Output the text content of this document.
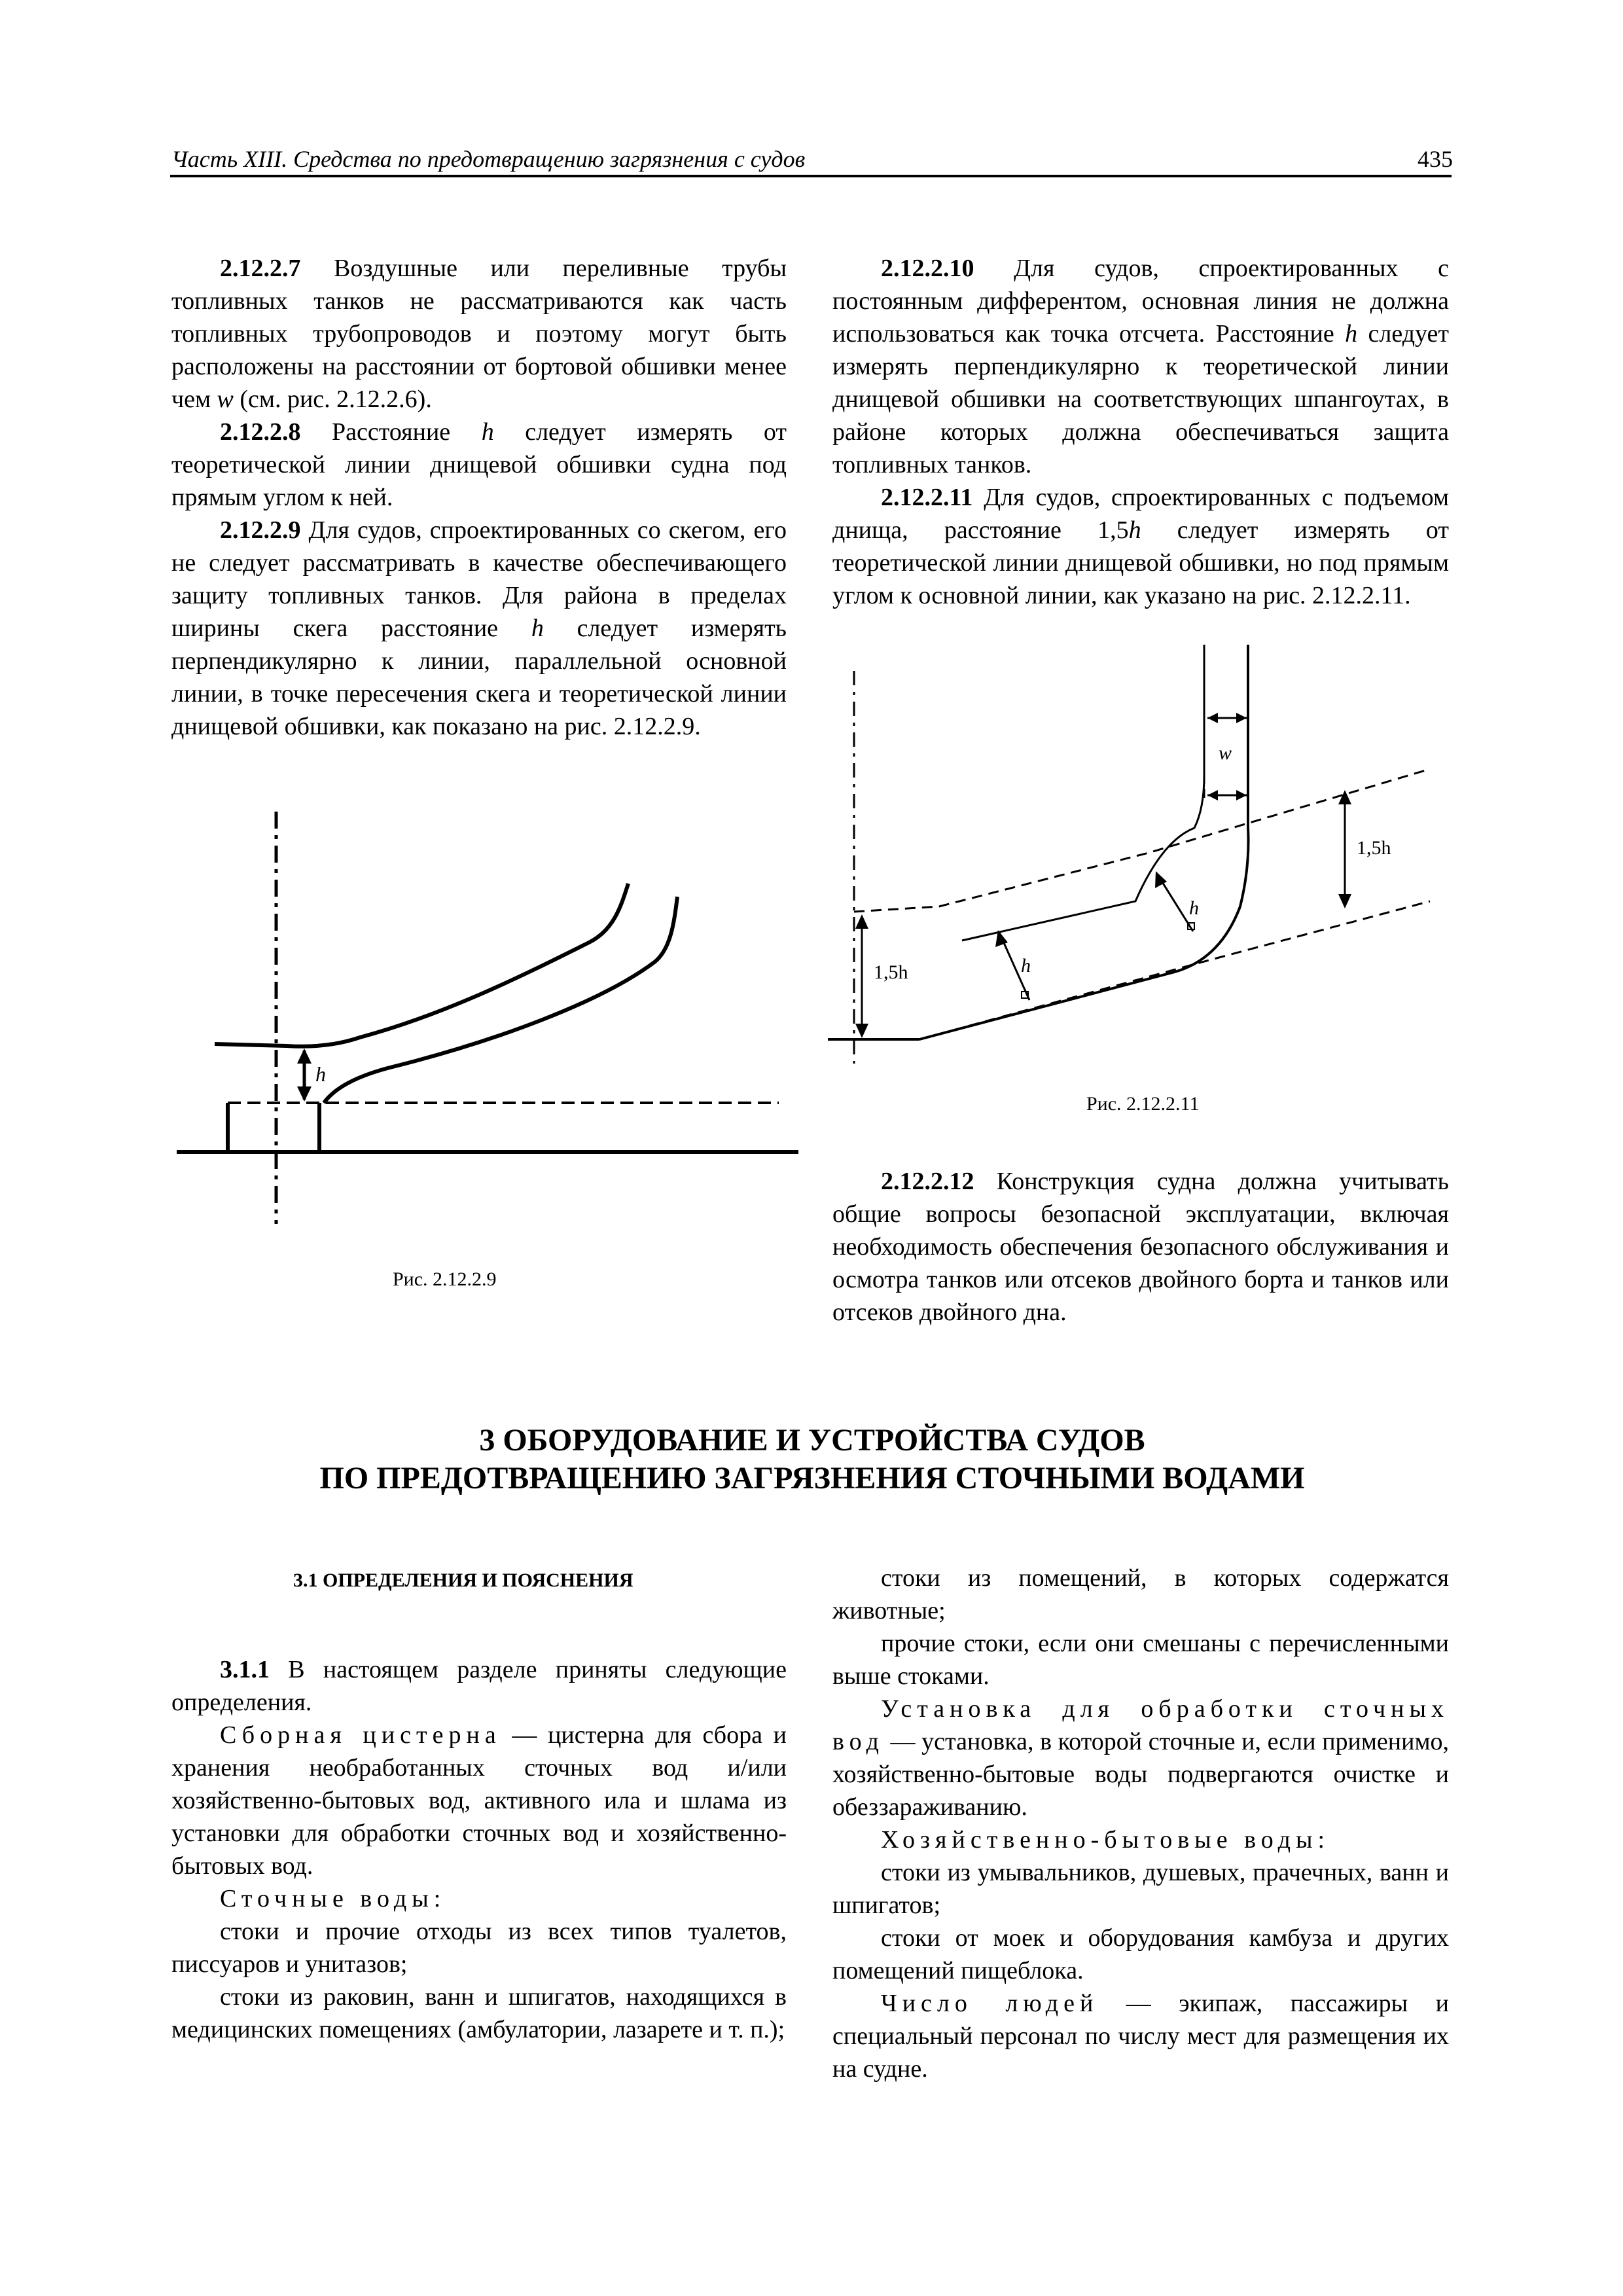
Часть XIII. Средства по предотвращению загрязнения с судов	435

2.12.2.7 Воздушные или переливные трубы топливных танков не рассматриваются как часть топливных трубопроводов и поэтому могут быть расположены на расстоянии от бортовой обшивки менее чем w (см. рис. 2.12.2.6).

2.12.2.8 Расстояние h следует измерять от теоретической линии днищевой обшивки судна под прямым углом к ней.

2.12.2.9 Для судов, спроектированных со скегом, его не следует рассматривать в качестве обеспечивающего защиту топливных танков. Для района в пределах ширины скега расстояние h следует измерять перпендикулярно к линии, параллельной основной линии, в точке пересечения скега и теоретической линии днищевой обшивки, как показано на рис. 2.12.2.9.

2.12.2.10 Для судов, спроектированных с постоянным дифферентом, основная линия не должна использоваться как точка отсчета. Расстояние h следует измерять перпендикулярно к теоретической линии днищевой обшивки на соответствующих шпангоутах, в районе которых должна обеспечиваться защита топливных танков.

2.12.2.11 Для судов, спроектированных с подъемом днища, расстояние 1,5h следует измерять от теоретической линии днищевой обшивки, но под прямым углом к основной линии, как указано на рис. 2.12.2.11.

h
Рис. 2.12.2.9
w
1,5h
1,5h	h
h
Рис. 2.12.2.11

2.12.2.12 Конструкция судна должна учитывать общие вопросы безопасной эксплуатации, включая необходимость обеспечения безопасного обслуживания и осмотра танков или отсеков двойного борта и танков или отсеков двойного дна.

3 ОБОРУДОВАНИЕ И УСТРОЙСТВА СУДОВ
ПО ПРЕДОТВРАЩЕНИЮ ЗАГРЯЗНЕНИЯ СТОЧНЫМИ ВОДАМИ
3.1 ОПРЕДЕЛЕНИЯ И ПОЯСНЕНИЯ

3.1.1 В настоящем разделе приняты следующие определения.

Сборная цистерна — цистерна для сбора и хранения необработанных сточных вод и/или хозяйственно-бытовых вод, активного ила и шлама из установки для обработки сточных вод и хозяйственно-бытовых вод.

Сточные воды:

стоки и прочие отходы из всех типов туалетов, писсуаров и унитазов;

стоки из раковин, ванн и шпигатов, находящихся в медицинских помещениях (амбулатории, лазарете и т. п.);

стоки из помещений, в которых содержатся животные;

прочие стоки, если они смешаны с перечисленными выше стоками.

Установка для обработки сточных вод — установка, в которой сточные и, если применимо, хозяйственно-бытовые воды подвергаются очистке и обеззараживанию.

Хозяйственно-бытовые воды:

стоки из умывальников, душевых, прачечных, ванн и шпигатов;

стоки от моек и оборудования камбуза и других помещений пищеблока.

Число людей — экипаж, пассажиры и специальный персонал по числу мест для размещения их на судне.
